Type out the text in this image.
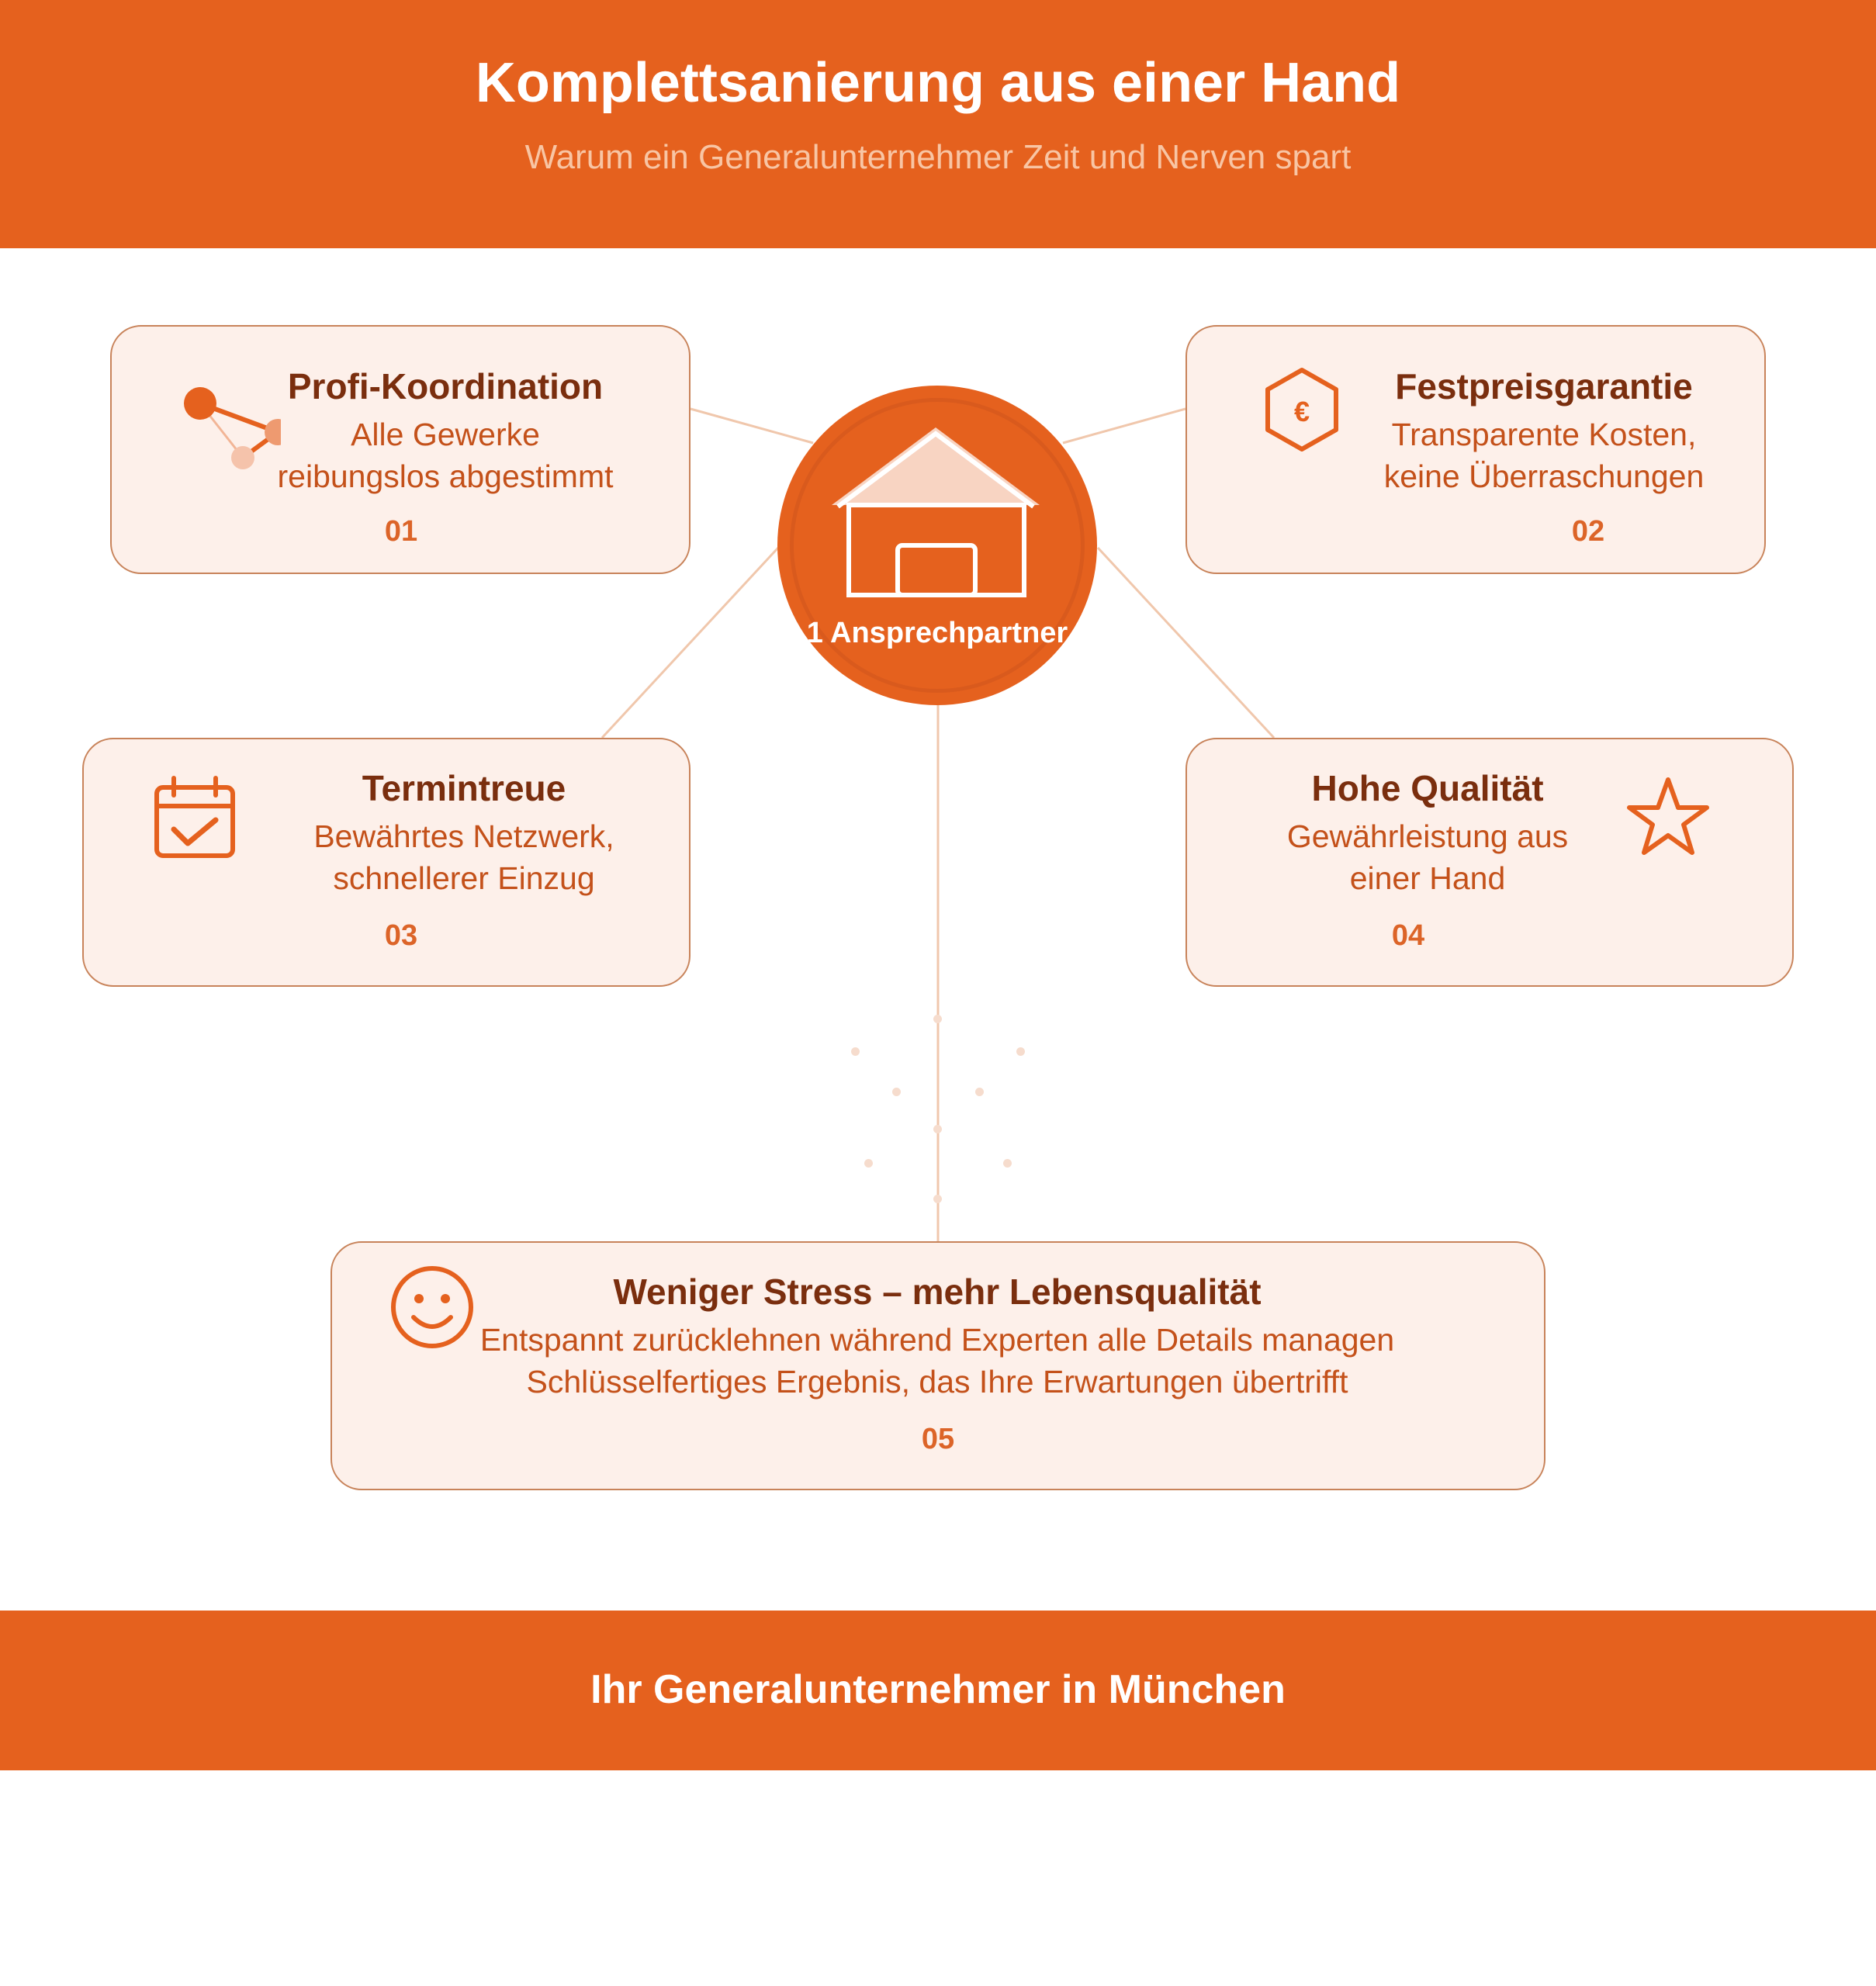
Komplettsanierung aus einer Hand
Warum ein Generalunternehmer Zeit und Nerven spart
Profi-Koordination
Alle Gewerke
reibungslos abgestimmt
01
€
Festpreisgarantie
Transparente Kosten,
keine Überraschungen
02
Termintreue
Bewährtes Netzwerk,
schnellerer Einzug
03
Hohe Qualität
Gewährleistung aus
einer Hand
04
Weniger Stress – mehr Lebensqualität
Entspannt zurücklehnen während Experten alle Details managen
Schlüsselfertiges Ergebnis, das Ihre Erwartungen übertrifft
05
1 Ansprechpartner
Ihr Generalunternehmer in München
